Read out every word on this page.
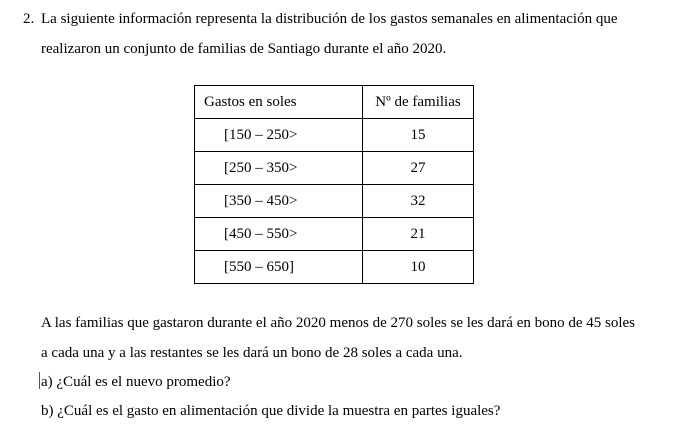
2. La siguiente información representa la distribución de los gastos semanales en alimentación que
realizaron un conjunto de familias de Santiago durante el año 2020.
Gastos en soles	Nº de familias
[150 – 250>	15
[250 – 350>	27
[350 – 450>	32
[450 – 550>	21
[550 – 650]	10
A las familias que gastaron durante el año 2020 menos de 270 soles se les dará en bono de 45 soles
a cada una y a las restantes se les dará un bono de 28 soles a cada una.
a) ¿Cuál es el nuevo promedio?
b) ¿Cuál es el gasto en alimentación que divide la muestra en partes iguales?
